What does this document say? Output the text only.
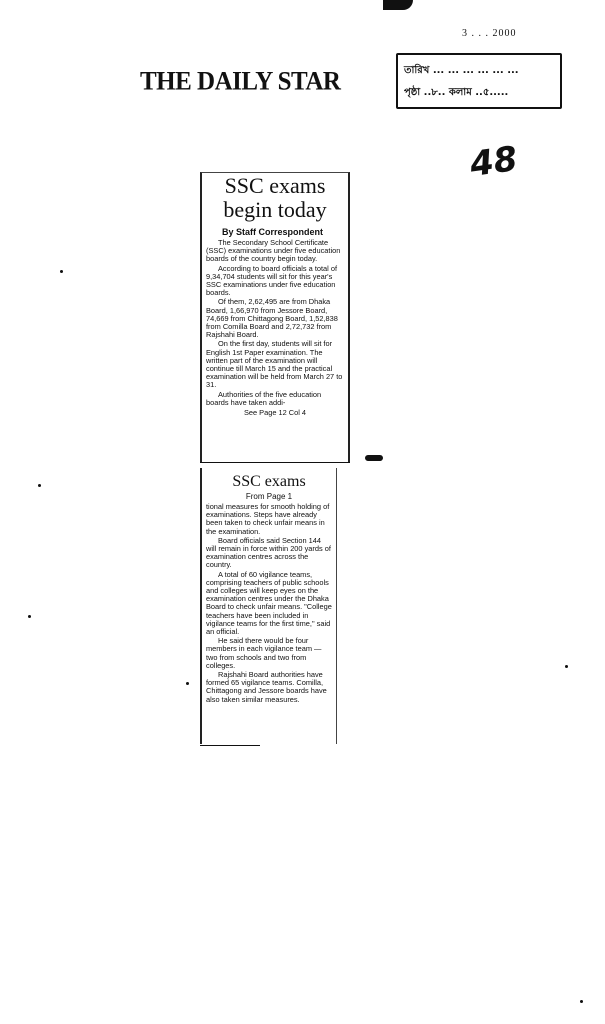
THE DAILY STAR
3 . . . 2000
তারিখ ... ... ... ... ... ...
পৃষ্ঠা ..৮.. কলাম ..৫.....
48
SSC exams
begin today
By Staff Correspondent

The Secondary School Certificate (SSC) examinations under five education boards of the country begin today.

According to board officials a total of 9,34,704 students will sit for this year's SSC examinations under five education boards.

Of them, 2,62,495 are from Dhaka Board, 1,66,970 from Jessore Board, 74,669 from Chittagong Board, 1,52,838 from Comilla Board and 2,72,732 from Rajshahi Board.

On the first day, students will sit for English 1st Paper examination. The written part of the examination will continue till March 15 and the practical examination will be held from March 27 to 31.

Authorities of the five education boards have taken addi-

See Page 12 Col 4
SSC exams
From Page 1

tional measures for smooth holding of examinations. Steps have already been taken to check unfair means in the examination.

Board officials said Section 144 will remain in force within 200 yards of examination centres across the country.

A total of 60 vigilance teams, comprising teachers of public schools and colleges will keep eyes on the examination centres under the Dhaka Board to check unfair means. "College teachers have been included in vigilance teams for the first time," said an official.

He said there would be four members in each vigilance team — two from schools and two from colleges.

Rajshahi Board authorities have formed 65 vigilance teams. Comilla, Chittagong and Jessore boards have also taken similar measures.
